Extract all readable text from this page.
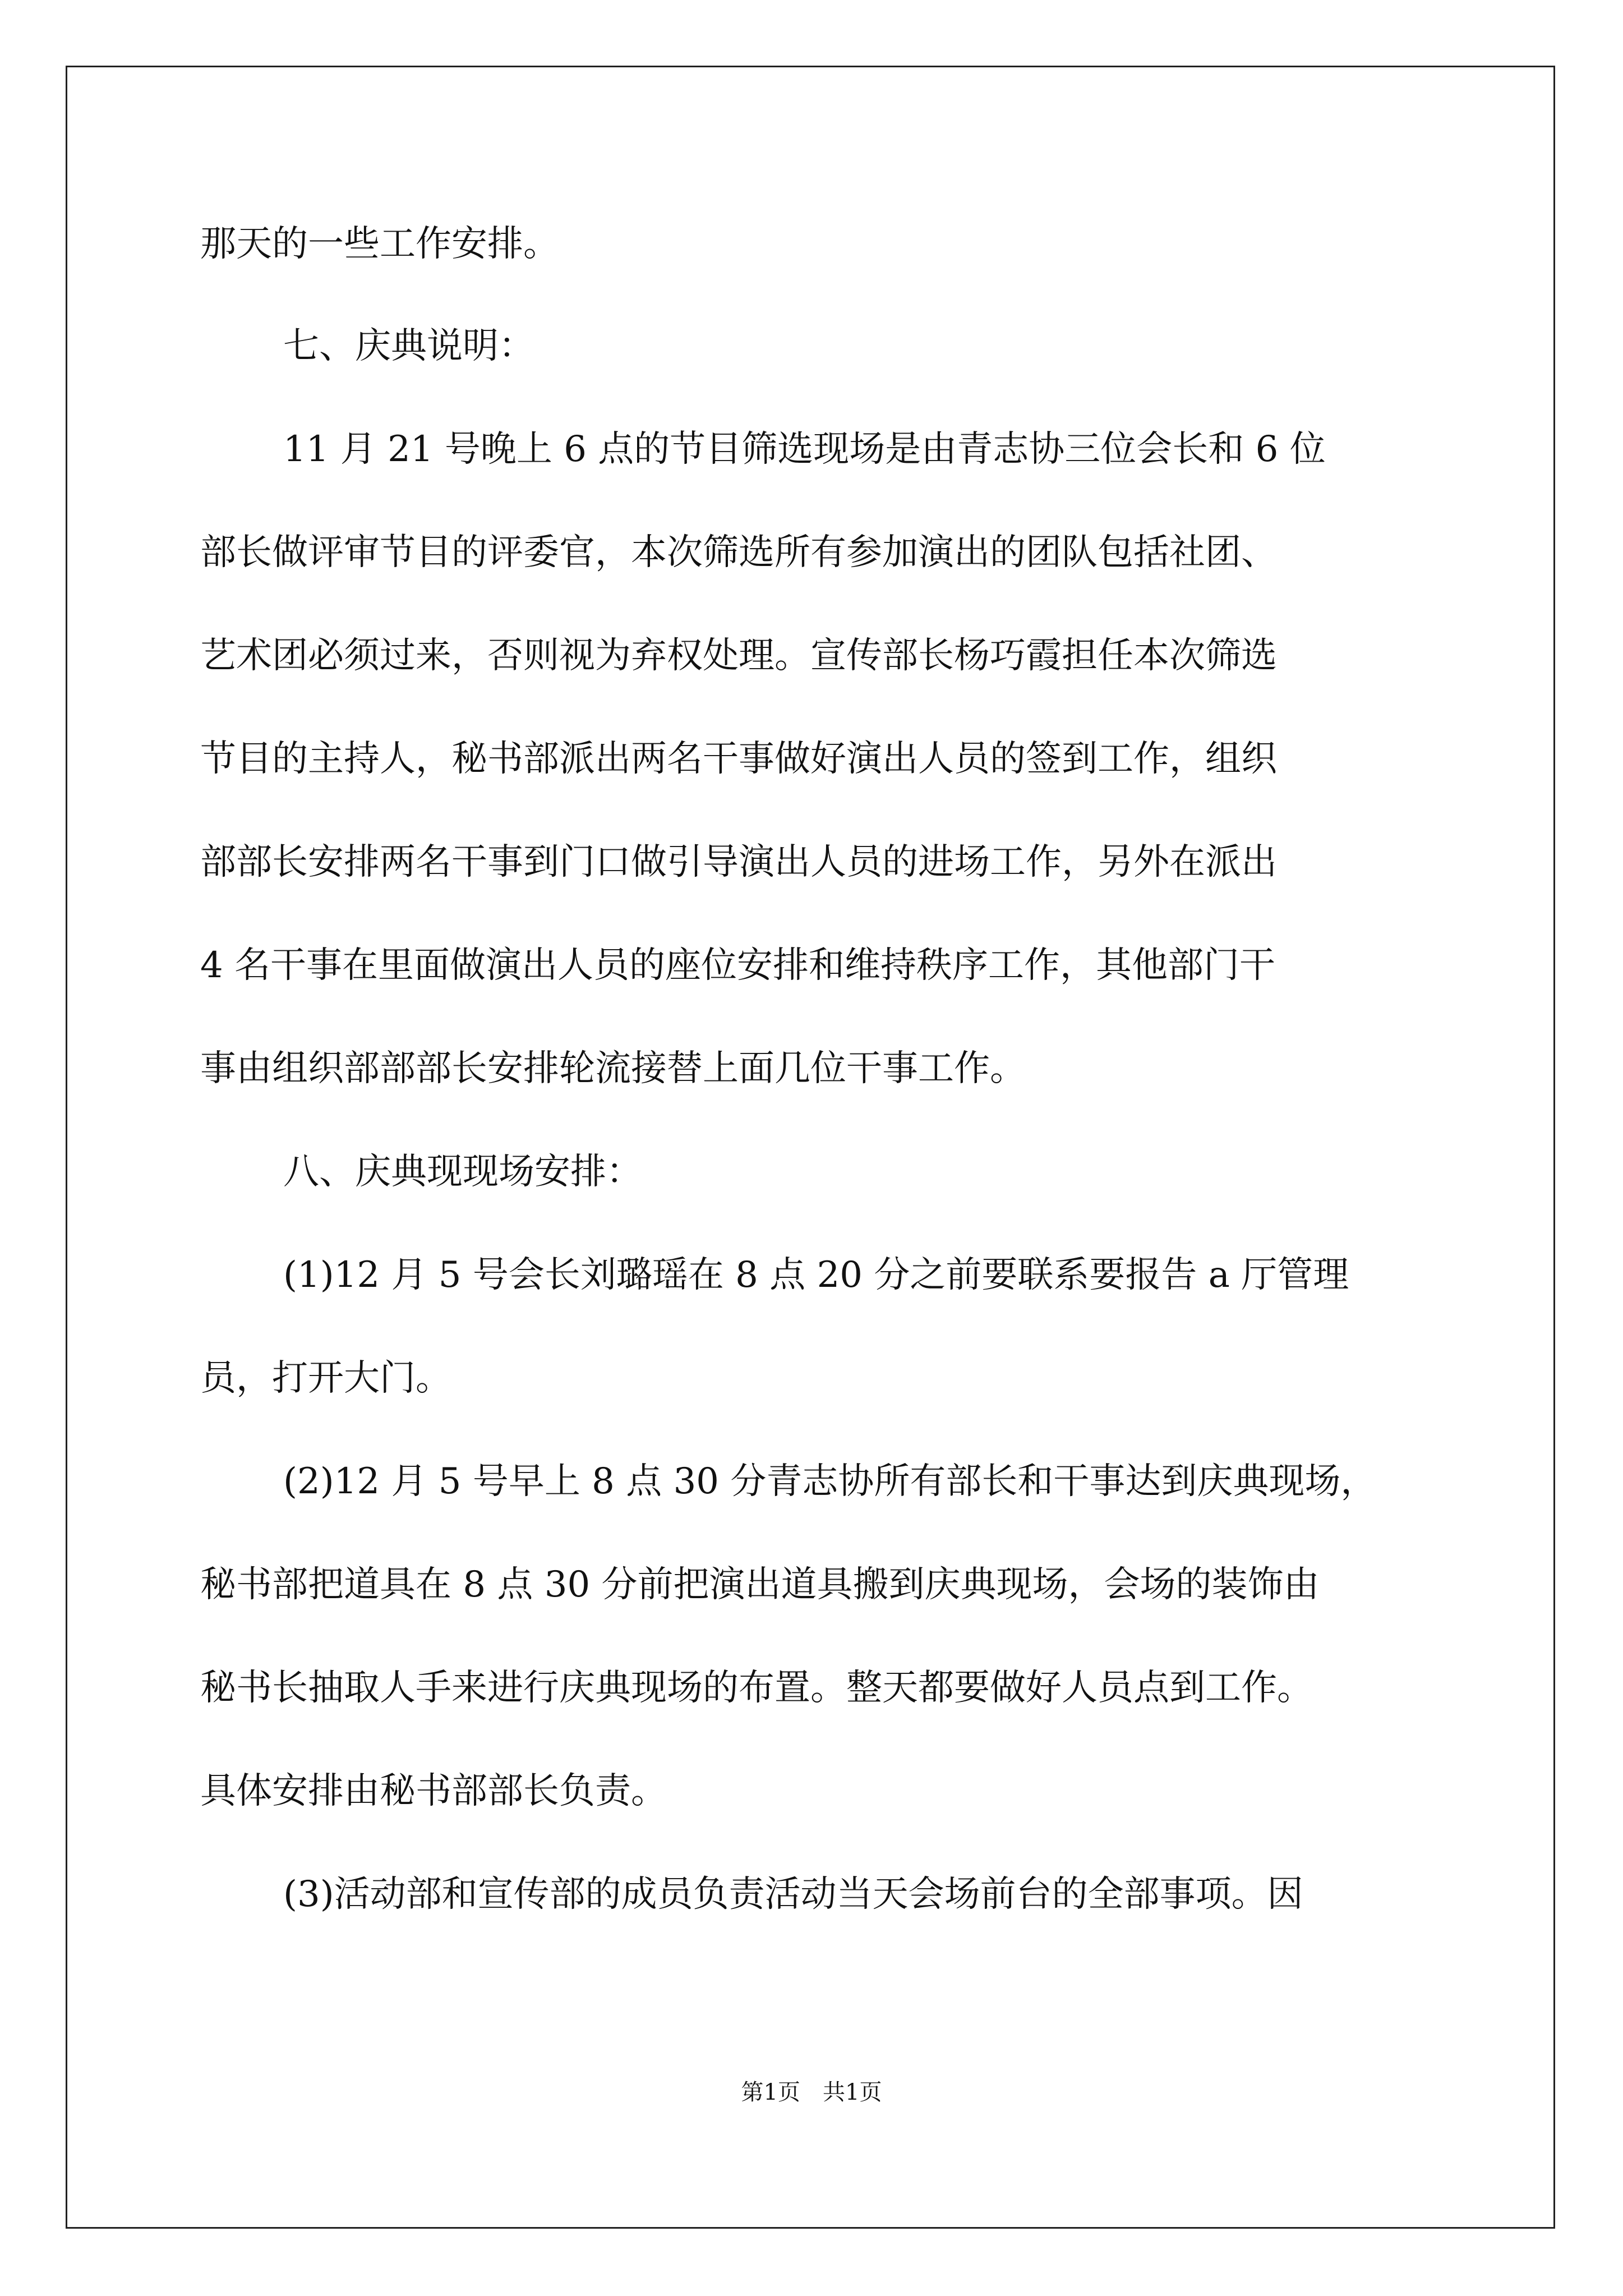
那天的一些工作安排。
七、庆典说明：
11 月 21 号晚上 6 点的节目筛选现场是由青志协三位会长和 6 位
部长做评审节目的评委官，本次筛选所有参加演出的团队包括社团、
艺术团必须过来，否则视为弃权处理。宣传部长杨巧霞担任本次筛选
节目的主持人，秘书部派出两名干事做好演出人员的签到工作，组织
部部长安排两名干事到门口做引导演出人员的进场工作，另外在派出
4 名干事在里面做演出人员的座位安排和维持秩序工作，其他部门干
事由组织部部部长安排轮流接替上面几位干事工作。
八、庆典现现场安排：
(1)12 月 5 号会长刘璐瑶在 8 点 20 分之前要联系要报告 a 厅管理
员，打开大门。
(2)12 月 5 号早上 8 点 30 分青志协所有部长和干事达到庆典现场，
秘书部把道具在 8 点 30 分前把演出道具搬到庆典现场，会场的装饰由
秘书长抽取人手来进行庆典现场的布置。整天都要做好人员点到工作。
具体安排由秘书部部长负责。
(3)活动部和宣传部的成员负责活动当天会场前台的全部事项。因
第1页　共1页
